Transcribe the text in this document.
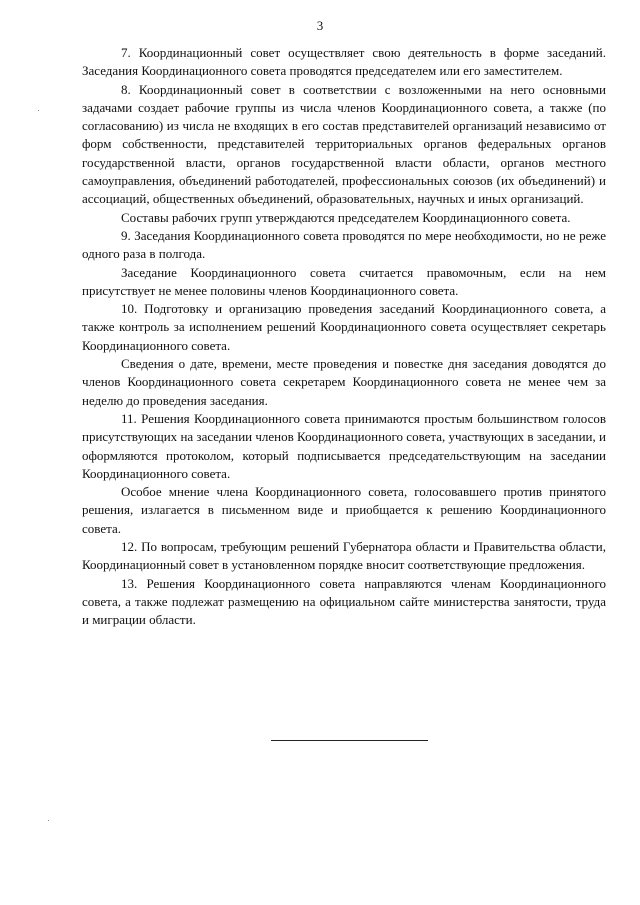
3

7. Координационный совет осуществляет свою деятельность в форме заседаний. Заседания Координационного совета проводятся председателем или его заместителем.

8. Координационный совет в соответствии с возложенными на него основными задачами создает рабочие группы из числа членов Координационного совета, а также (по согласованию) из числа не входящих в его состав представителей организаций независимо от форм собственности, представителей территориальных органов федеральных органов государственной власти, органов государственной власти области, органов местного самоуправления, объединений работодателей, профессиональных союзов (их объединений) и ассоциаций, общественных объединений, образовательных, научных и иных организаций.

Составы рабочих групп утверждаются председателем Координационного совета.

9. Заседания Координационного совета проводятся по мере необходимости, но не реже одного раза в полгода.

Заседание Координационного совета считается правомочным, если на нем присутствует не менее половины членов Координационного совета.

10. Подготовку и организацию проведения заседаний Координационного совета, а также контроль за исполнением решений Координационного совета осуществляет секретарь Координационного совета.

Сведения о дате, времени, месте проведения и повестке дня заседания доводятся до членов Координационного совета секретарем Координационного совета не менее чем за неделю до проведения заседания.

11. Решения Координационного совета принимаются простым большинством голосов присутствующих на заседании членов Координационного совета, участвующих в заседании, и оформляются протоколом, который подписывается председательствующим на заседании Координационного совета.

Особое мнение члена Координационного совета, голосовавшего против принятого решения, излагается в письменном виде и приобщается к решению Координационного совета.

12. По вопросам, требующим решений Губернатора области и Правительства области, Координационный совет в установленном порядке вносит соответствующие предложения.

13. Решения Координационного совета направляются членам Координационного совета, а также подлежат размещению на официальном сайте министерства занятости, труда и миграции области.
